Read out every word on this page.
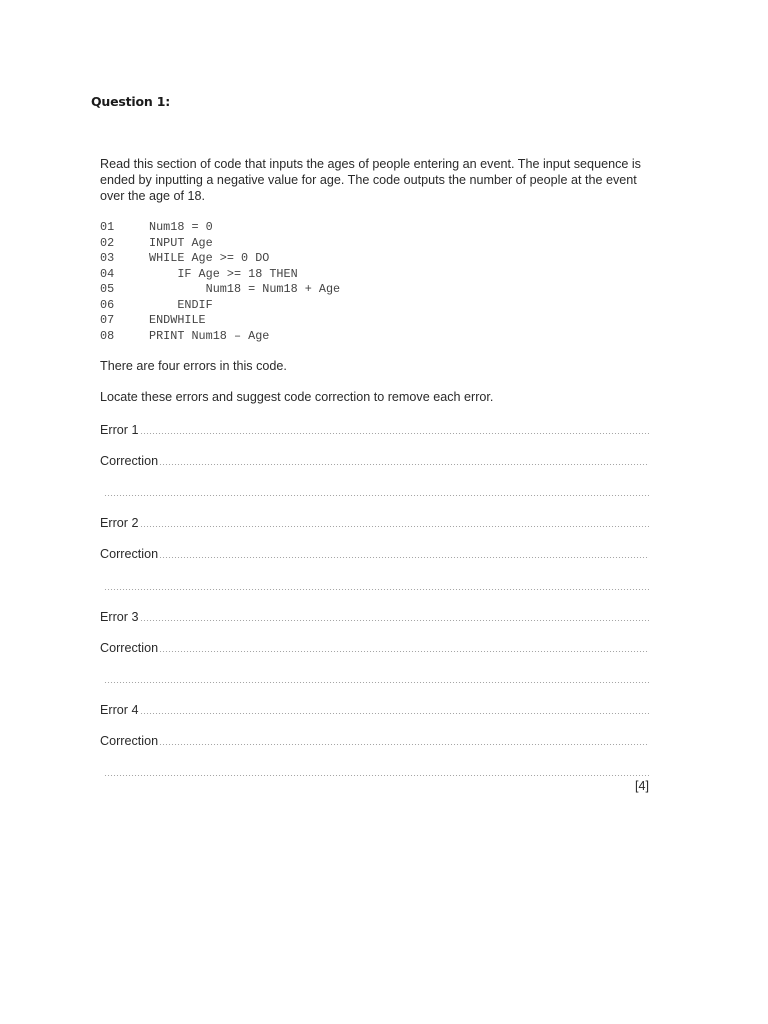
Question 1:
Read this section of code that inputs the ages of people entering an event. The input sequence is ended by inputting a negative value for age. The code outputs the number of people at the event over the age of 18.
01	Num18 = 0
02	INPUT Age
03	WHILE Age >= 0 DO
04	IF Age >= 18 THEN
05	Num18 = Num18 + Age
06	ENDIF
07	ENDWHILE
08	PRINT Num18 – Age
There are four errors in this code.
Locate these errors and suggest code correction to remove each error.
Error 1
Correction
Error 2
Correction
Error 3
Correction
Error 4
Correction
[4]
